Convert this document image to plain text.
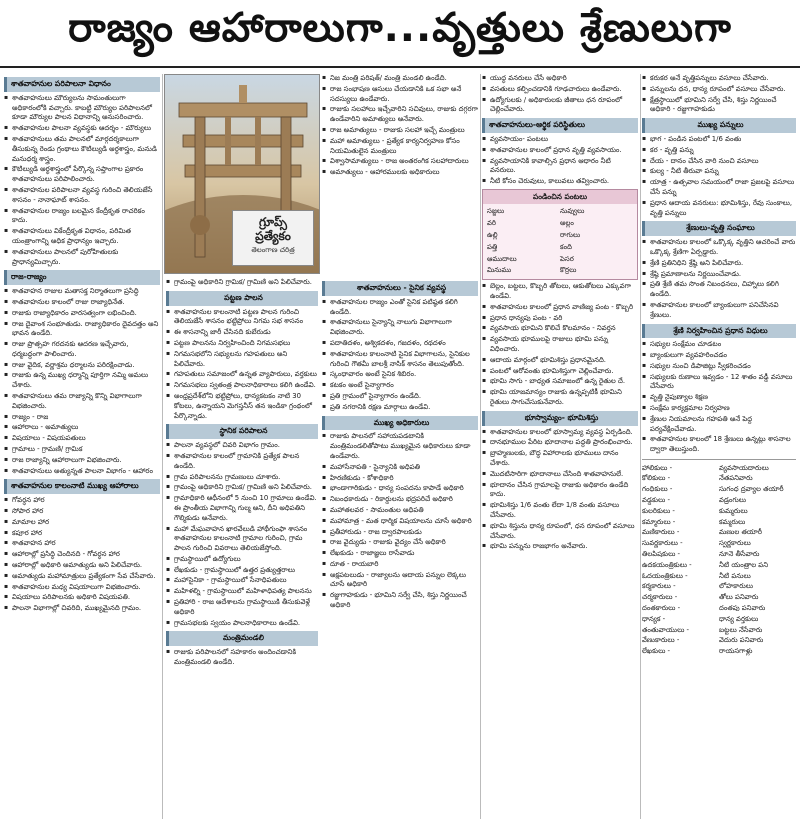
రాజ్యం ఆహారాలుగా...వృత్తులు శ్రేణులుగా
శాతవాహనుల పరిపాలనా విధానం
▪ శాతవాహనులు మౌర్యులను సామంతులుగా అధికారంలోకి వచ్చారు. కాబట్టి మౌర్యుల పరిపాలనలో కూడా మౌర్యుల పాలన విధానాన్ని అనుసరించారు.
▪ శాతవాహనుల పాలనా వ్యవస్థకు ఆదర్శం - మౌర్యులు
▪ శాతవాహనులు తమ పాలనలో మార్గదర్శకాలుగా తీసుకున్న రెండు గ్రంథాలు కౌటిల్యుడి అర్థశాస్త్రం, మనుడి మనుధర్మ శాస్త్రం.
▪ కౌటిల్యుడి అర్థశాస్త్రంలో పేర్కొన్న సప్తాంగాల ప్రకారం శాతవాహనులు పరిపాలించారు.
▪ శాతవాహనుల పరిపాలనా వ్యవస్థ గురించి తెలియజేసే శాసనం - నానాఘాట్ శాసనం.
▪ శాతవాహనుల రాజ్యం బలమైన కేంద్రీకృత రాచరికం కాదు.
▪ శాతవాహనులు వికేంద్రీకృత విధానం, పరిమిత యంత్రాంగాన్ని అధిక ప్రాధాన్యం ఇచ్చారు.
▪ శాతవాహనులు పాలనలో పురోహితులకు ప్రాధాన్యమిచ్చారు.
రాజ-రాజ్యం
▪ శాతవాహన రాజుల మతాసక్త నిర్మాతలుగా ప్రసిద్ధి
▪ శాతవాహనుల కాలంలో రాజు రాజ్యాధినేత.
▪ రాజుకు రాజ్యాధికారం వారసత్వంగా లభించింది.
▪ రాజ దైవాంశ సంభూతుడు. రాజ్యాధికారం దైవదత్తం అని భావన ఉండేది.
▪ రాజు ప్రొత్సహ గరదనకు ఆదరణ ఇచ్చేవారు, ధర్మబద్ధంగా పాలించారు.
▪ రాజు వైదిక, వర్ణాశ్రమ ధర్మాలను పరిరక్షించాడు.
▪ రాజుకు ఉన్న ముఖ్య ధర్మాన్ని పూర్తిగా నమ్మి అమలు చేశారు.
▪ శాతవాహనులు తమ రాజ్యాన్ని కొన్ని విభాగాలుగా విభజించారు.
▪ రాజ్యం - రాజ
▪ ఆహారాలు - అమాత్యులు
▪ విషయాలు - విషయపతులు
▪ గ్రామాలు - గ్రామణి/ గ్రామిక
▪ రాజ రాజ్యాన్ని ఆహారాలుగా విభజించారు.
▪ శాతవాహనులు అత్యున్నత పాలనా విభాగం - ఆహారం
శాతవాహనుల కాలంనాటి ముఖ్య ఆహారాలు
▪ గోవర్ధన హార
▪ సోపార హార
▪ మామాల హార
▪ కపూర హార
▪ శాతవాహన హార
▪ ఆహారాల్లో ప్రసిద్ధి చెందినది - గోవర్ధన హార
▪ ఆహారాల్లో అధికారి అమాత్యుడు అని పిలిచేవారు.
▪ అమాత్యుడు మహామాత్రులు ప్రత్యేకంగా సేవ చేసేవారు.
▪ శాతవాహనుల మధ్య విషయాలుగా విభజించారు.
▪ విషయాలు పరిపాలనకు అధికారి విషయపతి.
▪ పాలనా విభాగాల్లో చివరిది, ముఖ్యమైనది గ్రామం.
గ్రూప్స్
ప్రత్యేకం
తెలంగాణ చరిత్ర
▪ నిజ మంత్రి పరిషత్/ మంత్రి మండలి ఉండేది.
▪ రాజ సంభాషణ ఆసులు చేయడానికి ఒక సభా అనే సదస్యులు ఉండేవారు.
▪ రాజుకు సలహాలు ఇచ్చేవారిని సచివులు, రాజుకు దగ్గరగా ఉండేవారిని అమాత్యులు అనేవారు.
▪ రాజ అమాత్యులు - రాజుకు సలహా ఇచ్చే మంత్రులు
▪ మహా అమాత్యులు - ప్రత్యేక కార్యనిర్వహణ కోసం నియమితులైన మంత్రులు
▪ విశ్వాసామాత్యులు - రాజ అంతరంగిక సలహాదారులు
▪ అమాత్యులు - ఆహారములకు అధికారులు
▪ గ్రామంపై అధికారిని గ్రామిక/ గ్రామిణి అని పిలిచేవారు.
పట్టణ పాలన
▪ శాతవాహనుల కాలంనాటి పట్టణ పాలన గురించి తెలియజేసే శాసనం భట్టిప్రోలు నిగమ సభ శాసనం
▪ ఈ శాసనాన్ని జారీ చేసినది కుబేరుడు
▪ పట్టణ పాలనను నిర్వహించింది నిగమసభలు
▪ నిగమసభలోని సభ్యులను గహపతులు అని పిలిచేవారు.
▪ గహపతులు సమాజంలో ఉన్నత వ్యాపారులు, వర్తకులు
▪ నిగమసభలు స్వతంత్ర పాలనాధికారాలు కలిగి ఉండేవి.
▪ అంధ్రప్రదేశ్‌లోని భట్టిప్రోలు, ధాన్యకటకం నాటి 30 కోటలు, ఉన్నాయని మెగస్తనీస్ తన ఇండికా గ్రంథంలో పేర్కొన్నాడు.
స్థానిక పరిపాలన
▪ పాలనా వ్యవస్థలో చివరి విభాగం గ్రామం.
▪ శాతవాహనుల కాలంలో గ్రామానికి ప్రత్యేక పాలన ఉండేది.
▪ గ్రామ పరిపాలనను గ్రామణులు చూశారు.
▪ గ్రామంపై అధికారిని గ్రామిక/ గ్రామిణి అని పిలిచేవారు.
▪ గ్రామాధికారి ఆధీనంలో 5 నుంచి 10 గ్రామాలు ఉండేవి. ఈ ప్రాంతీయ విభాగాన్ని గుల్మ అని, దీని అధిపతిని గౌల్మికుడు అనేవారు.
▪ మహా మేఘవాహన ఖారవేలుడి హాథీగుంఫా శాసనం శాతవాహనుల కాలంనాటి గ్రామాల గురించి, గ్రామ పాలన గురించి వివరాలు తెలియజేస్తోంది.
▪ గ్రామస్థాయిలో ఉద్యోగులు
▪ లేఖకుడు - గ్రామస్థాయిలో ఉత్తర ప్రత్యుత్తరాలు
▪ మహాసైనికా - గ్రామస్థాయిలో సేనాధిపతులు
▪ మహిళల్ని - గ్రామస్థాయిలో మహిళాధిపత్య పాలనను
▪ ప్రతిహారి - రాజ ఆదేశాలను గ్రామస్థాయికి తీసుకువెళ్లే అధికారి
▪ గ్రామసభలకు స్వయం పాలనాధికారాలు ఉండేవి.
మంత్రిమండలి
▪ రాజుకు పరిపాలనలో సహకారం అందించడానికి మంత్రిమండలి ఉండేది.
శాతవాహనులు - సైనిక వ్యవస్థ
▪ శాతవాహనుల రాజ్యం ఎంతో సైనిక పటిష్ఠత కలిగి ఉండేది.
▪ శాతవాహనులు సైన్యాన్ని నాలుగు విభాగాలుగా విభజించారు.
▪ పదాతిదళం, అశ్వికదళం, గజదళం, రథదళం
▪ శాతవాహనుల కాలంనాటి సైనిక విభాగాలను, సైనికుల గురించి గౌతమీ బాలశ్రీ నాసిక్ శాసనం తెలుపుతోంది.
▪ స్కంధావారం అంటే సైనిక శిబిరం.
▪ కటకం అంటే సైన్యాగారం
▪ ప్రతి గ్రామంలో సైన్యాగారం ఉండేది.
▪ ప్రతి నగరానికి రక్షణ మార్గాలు ఉండేవి.
ముఖ్య అధికారులు
▪ రాజుకు పాలనలో సహాయపడటానికి మంత్రిమండలితోపాటు ముఖ్యమైన అధికారులు కూడా ఉండేవారు.
▪ మహాసేనాపతి - సైన్యానికి అధిపతి
▪ హిరణికుడు - కోశాధికారి
▪ భాండాగారికుడు - ధాన్య సంపదను కాపాడే అధికారి
▪ నిబంధకారుడు - రికార్డులను భద్రపరిచే అధికారి
▪ మహాతలవర - సామంతుల అధిపతి
▪ మహామాత్ర - మత ధార్మిక విషయాలను చూసే అధికారి
▪ ప్రతీహారుడు - రాజ ద్వారపాలకుడు
▪ రాజ వైద్యుడు - రాజుకు వైద్యం చేసే అధికారి
▪ లేఖకుడు - రాజాజ్ఞలు రాసేవాడు
▪ దూత - రాయబారి
▪ అక్షపటలుడు - రాజ్యాలను ఆదాయ పన్నుల లెక్కలు చూసే అధికారి
▪ రజ్జుగాహకుడు - భూమిని సర్వే చేసి, శిస్తు నిర్ణయించే అధికారి
▪ యుద్ధ వనరులు చేసే అధికారి
▪ వసతులు కల్పించడానికి గూఢచారులు ఉండేవారు.
▪ ఉద్యోగులకు / అధికారులకు జీతాలు ధన రూపంలో చెల్లించేవారు.
శాతవాహనులు-ఆర్థిక పరిస్థితులు
▪ వ్యవసాయం- పంటలు
▪ శాతవాహనుల కాలంలో ప్రధాన వృత్తి వ్యవసాయం.
▪ వ్యవసాయానికి కావాల్సిన ప్రధాన ఆధారం నీటి వనరులు.
▪ నీటి కోసం చెరువులు, కాలువలు తవ్వించారు.
పండించిన పంటలు
సజ్జలు	నువ్వులు
వరి	అల్లం
ఉల్లి	రాగులు
పత్తి	కంది
ఆముదాలు	పెసర
మినుము	కొర్రలు
▪ బెల్లం, బట్టలు, కొబ్బరి తోటలు, ఆకుతోటలు ఎక్కువగా ఉండేవి.
▪ శాతవాహనుల కాలంలో ప్రధాన వాణిజ్య పంట - కొబ్బరి
▪ ప్రధాన ధాన్యపు పంట - వరి
▪ వ్యవసాయ భూమిని కొలిచే కొలమానం - నివర్తన
▪ వ్యవసాయ భూములపై రాజులు భూమి పన్ను విధించారు.
▪ ఆదాయ మార్గంలో భూమిశిస్తు ప్రధానమైనది.
▪ పంటలో ఆరోవంతు భూమిశిస్తుగా చెల్లించేవారు.
▪ భూమి సాగు - బాధ్యత సమాజంలో ఉన్న రైతుల దే.
▪ భూమి యాజమాన్యం రాజుకు ఉన్నప్పటికీ భూమిని రైతులు సాగుచేసుకునేవారు.
భూస్వామ్యం- భూమిశిస్తు
▪ శాతవాహనుల కాలంలో భూస్వామ్య వ్యవస్థ ఏర్పడింది.
▪ దానభూముల పేరిట భూదానాల పద్ధతి ప్రారంభించారు.
▪ బ్రాహ్మణులకు, బౌద్ధ విహారాలకు భూములు దానం చేశారు.
▪ మొదటిసారిగా భూదానాలు చేసింది శాతవాహనులే.
▪ భూదానం చేసిన గ్రామాలపై రాజుకు అధికారం ఉండేది కాదు.
▪ భూమిశిస్తు 1/6 వంతు లేదా 1/8 వంతు వసూలు చేసేవారు.
▪ భూమి శిస్తును ధాన్య రూపంలో, ధన రూపంలో వసూలు చేసేవారు.
▪ భూమి పన్నును రాజభాగం అనేవారు.
▪ కరుకర అనే వృత్తిపన్నులు వసూలు చేసేవారు.
▪ పన్నులను ధన, ధాన్య రూపంలో వసూలు చేసేవారు.
▪ క్షేత్రస్థాయిలో భూమిని సర్వే చేసి, శిస్తు నిర్ణయించే అధికారి - రజ్జుగాహకుడు
ముఖ్య పన్నులు
▪ భాగ - పండిన పంటలో 1/6 వంతు
▪ కర - వృత్తి పన్ను
▪ దేయ - దానం చేసిన వారి నుంచి వసూలు
▪ కుల్య - నీటి తీరువా పన్ను
▪ యాత్ర - ఉత్సవాల సమయంలో రాజా ప్రజలపై వసూలు చేసే పన్ను
▪ ప్రధాన ఆదాయ వనరులు: భూమిశిస్తు, రేవు సుంకాలు, వృత్తి పన్నులు
శ్రేణులు-వృత్తి సంఘాలు
▪ శాతవాహనుల కాలంలో ఒక్కొక్క వృత్తిని ఆచరించే వారు ఒక్కొక్క శ్రేణిగా ఏర్పడ్డారు.
▪ శ్రేణి ప్రతినిధిని శ్రేష్ఠి అని పిలిచేవారు.
▪ శ్రేష్ఠి ప్రమాణాలను నిర్ణయించేవాడు.
▪ ప్రతి శ్రేణి తమ సొంత నిబంధనలు, చిహ్నాలు కలిగి ఉండేది.
▪ శాతవాహనుల కాలంలో బ్యాంకులుగా పనిచేసినవి శ్రేణులు.
శ్రేణి నిర్వహించిన ప్రధాన విధులు
▪ సభ్యుల సంక్షేమం చూడటం
▪ బ్యాంకులుగా వ్యవహరించడం
▪ సభ్యుల నుంచి డిపాజిట్లు స్వీకరించడం
▪ సభ్యులకు రుణాలు ఇవ్వడం - 12 శాతం వడ్డీ వసూలు చేసేవారు
▪ వృత్తి నైపుణ్యాల శిక్షణ
▪ సంక్షేమ కార్యక్రమాల నిర్వహణ
▪ శ్రేణుల నియమాలను గహపతి అనే పెద్ద పర్యవేక్షించేవాడు.
▪ శాతవాహనుల కాలంలో 18 శ్రేణులు ఉన్నట్లు శాసనాల ద్వారా తెలుస్తుంది.
హాలికులు -	వ్యవసాయదారులు
కోలికులు -	నేతపనివారు
గంధికులు -	సుగంధ ద్రవ్యాల తయారీ
వడ్డకులు -	వడ్రంగులు
కులరికులు -	కుమ్మరులు
కమ్మారులు -	కమ్మరులు
మణికారులు -	మణుల తయారీ
సువర్ణకారులు -	స్వర్ణకారులు
తిలపిషకులు -	నూనె తీసేవారు
ఉదకయంత్రికులు -	నీటి యంత్రాల పని
ఓదయంత్రికులు -	నీటి పనులు
కర్మకారులు -	లోహకారులు
చర్మకారులు -	తోలు పనివారు
దంతకారులు -	దంతపు పనివారు
ధాన్యక -	ధాన్య వర్తకులు
తంతువాయులు -	బట్టలు నేసేవారు
వేణుకారులు -	వెదురు పనివారు
లేఖకులు -	రాయసగాళ్లు
